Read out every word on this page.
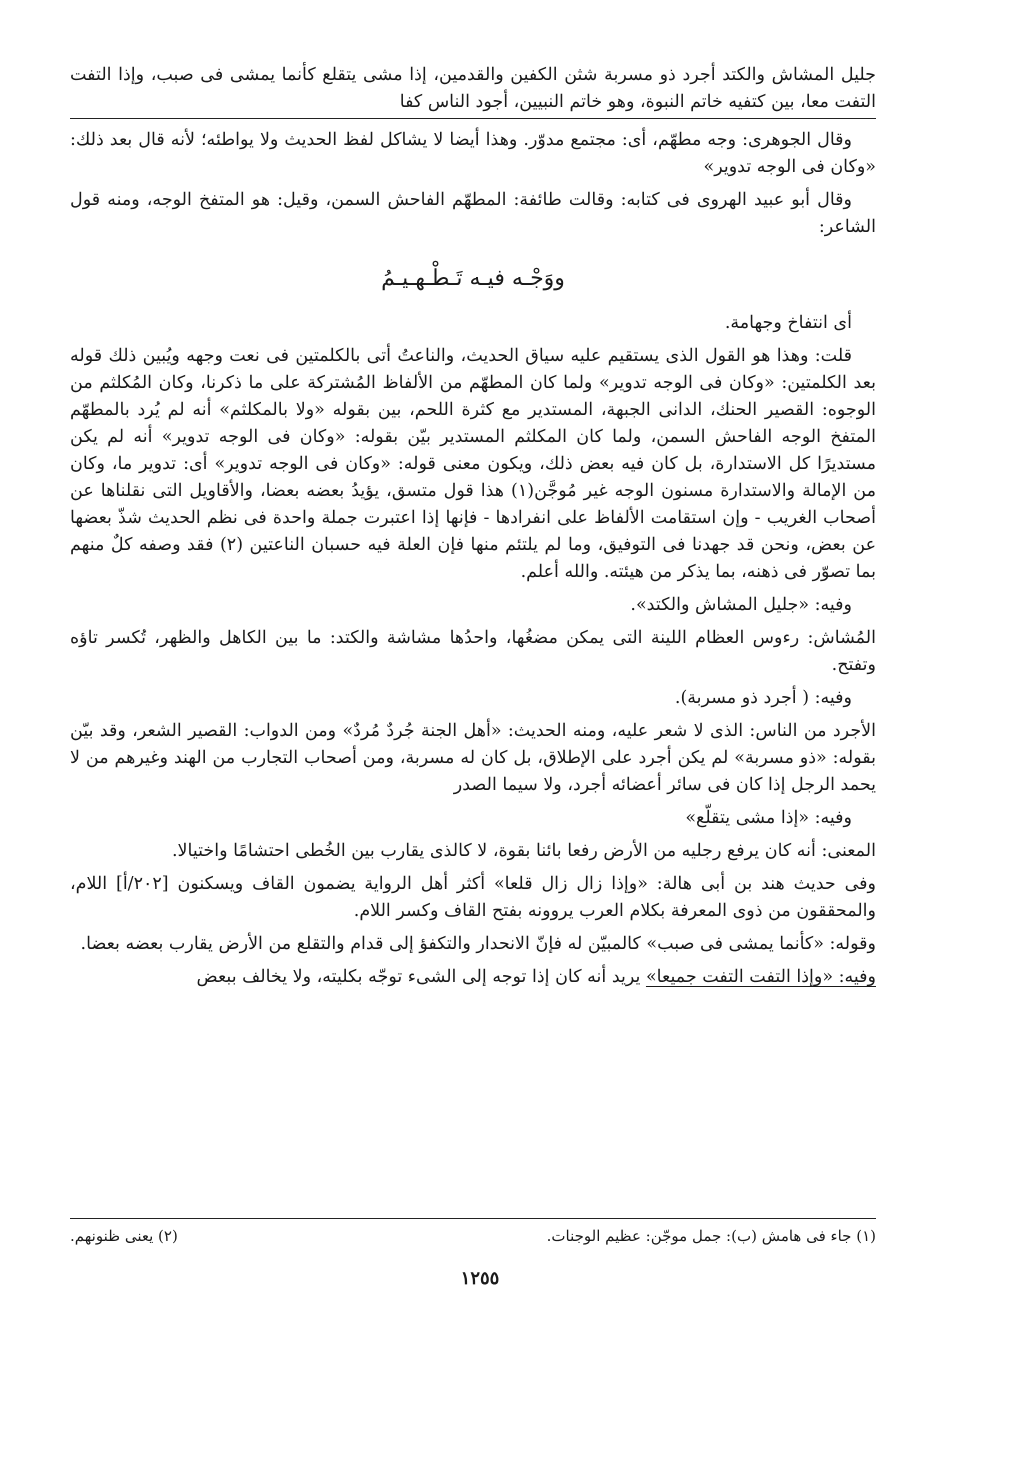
جليل المشاش والكتد أجرد ذو مسربة شثن الكفين والقدمين، إذا مشى يتقلع كأنما يمشى فى صبب، وإذا التفت التفت معا، بين كتفيه خاتم النبوة، وهو خاتم النبيين، أجود الناس كفا
وقال الجوهرى: وجه مطهّم، أى: مجتمع مدوّر. وهذا أيضا لا يشاكل لفظ الحديث ولا يواطئه؛ لأنه قال بعد ذلك: «وكان فى الوجه تدوير»
وقال أبو عبيد الهروى فى كتابه: وقالت طائفة: المطهّم الفاحش السمن، وقيل: هو المتفخ الوجه، ومنه قول الشاعر:
ووَجْـه فيـه تَـطْـهـيـمُ
أى انتفاخ وجهامة.
قلت: وهذا هو القول الذى يستقيم عليه سياق الحديث، والناعتُ أتى بالكلمتين فى نعت وجهه ويُبين ذلك قوله بعد الكلمتين: «وكان فى الوجه تدوير» ولما كان المطهّم من الألفاظ المُشتركة على ما ذكرنا، وكان المُكلثم من الوجوه: القصير الحنك، الدانى الجبهة، المستدير مع كثرة اللحم، بين بقوله «ولا بالمكلثم» أنه لم يُرد بالمطهّم المتفخ الوجه الفاحش السمن، ولما كان المكلثم المستدير بيّن بقوله: «وكان فى الوجه تدوير» أنه لم يكن مستديرًا كل الاستدارة، بل كان فيه بعض ذلك، ويكون معنى قوله: «وكان فى الوجه تدوير» أى: تدوير ما، وكان من الإمالة والاستدارة مسنون الوجه غير مُوجَّن(١) هذا قول متسق، يؤيدُ بعضه بعضا، والأقاويل التى نقلناها عن أصحاب الغريب - وإن استقامت الألفاظ على انفرادها - فإنها إذا اعتبرت جملة واحدة فى نظم الحديث شذّ بعضها عن بعض، ونحن قد جهدنا فى التوفيق، وما لم يلتئم منها فإن العلة فيه حسبان الناعتين (٢) فقد وصفه كلٌ منهم بما تصوّر فى ذهنه، بما يذكر من هيئته. والله أعلم.
وفيه: «جليل المشاش والكتد».
المُشاش: رءوس العظام اللينة التى يمكن مضغُها، واحدُها مشاشة والكتد: ما بين الكاهل والظهر، تُكسر تاؤه وتفتح.
وفيه: ( أجرد ذو مسربة).
الأجرد من الناس: الذى لا شعر عليه، ومنه الحديث: «أهل الجنة جُردٌ مُردٌ» ومن الدواب: القصير الشعر، وقد بيّن بقوله: «ذو مسربة» لم يكن أجرد على الإطلاق، بل كان له مسربة، ومن أصحاب التجارب من الهند وغيرهم من لا يحمد الرجل إذا كان فى سائر أعضائه أجرد، ولا سيما الصدر
وفيه: «إذا مشى يتقلّع»
المعنى: أنه كان يرفع رجليه من الأرض رفعا بائنا بقوة، لا كالذى يقارب بين الخُطى احتشامًا واختيالا.
وفى حديث هند بن أبى هالة: «وإذا زال زال قلعا» أكثر أهل الرواية يضمون القاف ويسكنون [٢٠٢/أ] اللام، والمحققون من ذوى المعرفة بكلام العرب يروونه بفتح القاف وكسر اللام.
وقوله: «كأنما يمشى فى صبب» كالمبيّن له فإنّ الانحدار والتكفؤ إلى قدام والتقلع من الأرض يقارب بعضه بعضا.
وفيه: «وإذا التفت التفت جميعا» يريد أنه كان إذا توجه إلى الشىء توجّه بكليته، ولا يخالف ببعض
(١) جاء فى هامش (ب): جمل موجّن: عظيم الوجنات.
(٢) يعنى ظنونهم.
١٢٥٥
